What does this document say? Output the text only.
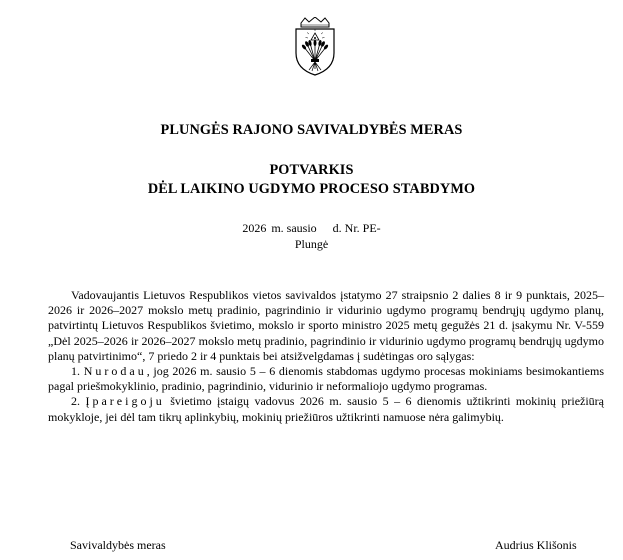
PLUNGĖS RAJONO SAVIVALDYBĖS MERAS
POTVARKIS
DĖL LAIKINO UGDYMO PROCESO STABDYMO
2026 m. sausio d. Nr. PE-
Plungė

Vadovaujantis Lietuvos Respublikos vietos savivaldos įstatymo 27 straipsnio 2 dalies 8 ir 9 punktais, 2025–2026 ir 2026–2027 mokslo metų pradinio, pagrindinio ir vidurinio ugdymo programų bendrųjų ugdymo planų, patvirtintų Lietuvos Respublikos švietimo, mokslo ir sporto ministro 2025 metų gegužės 21 d. įsakymu Nr. V-559 „Dėl 2025–2026 ir 2026–2027 mokslo metų pradinio, pagrindinio ir vidurinio ugdymo programų bendrųjų ugdymo planų patvirtinimo“, 7 priedo 2 ir 4 punktais bei atsižvelgdamas į sudėtingas oro sąlygas:

1. Nurodau, jog 2026 m. sausio 5 – 6 dienomis stabdomas ugdymo procesas mokiniams besimokantiems pagal priešmokyklinio, pradinio, pagrindinio, vidurinio ir neformaliojo ugdymo programas.

2. Įpareigoju švietimo įstaigų vadovus 2026 m. sausio 5 – 6 dienomis užtikrinti mokinių priežiūrą mokykloje, jei dėl tam tikrų aplinkybių, mokinių priežiūros užtikrinti namuose nėra galimybių.

Savivaldybės meras	Audrius Klišonis
